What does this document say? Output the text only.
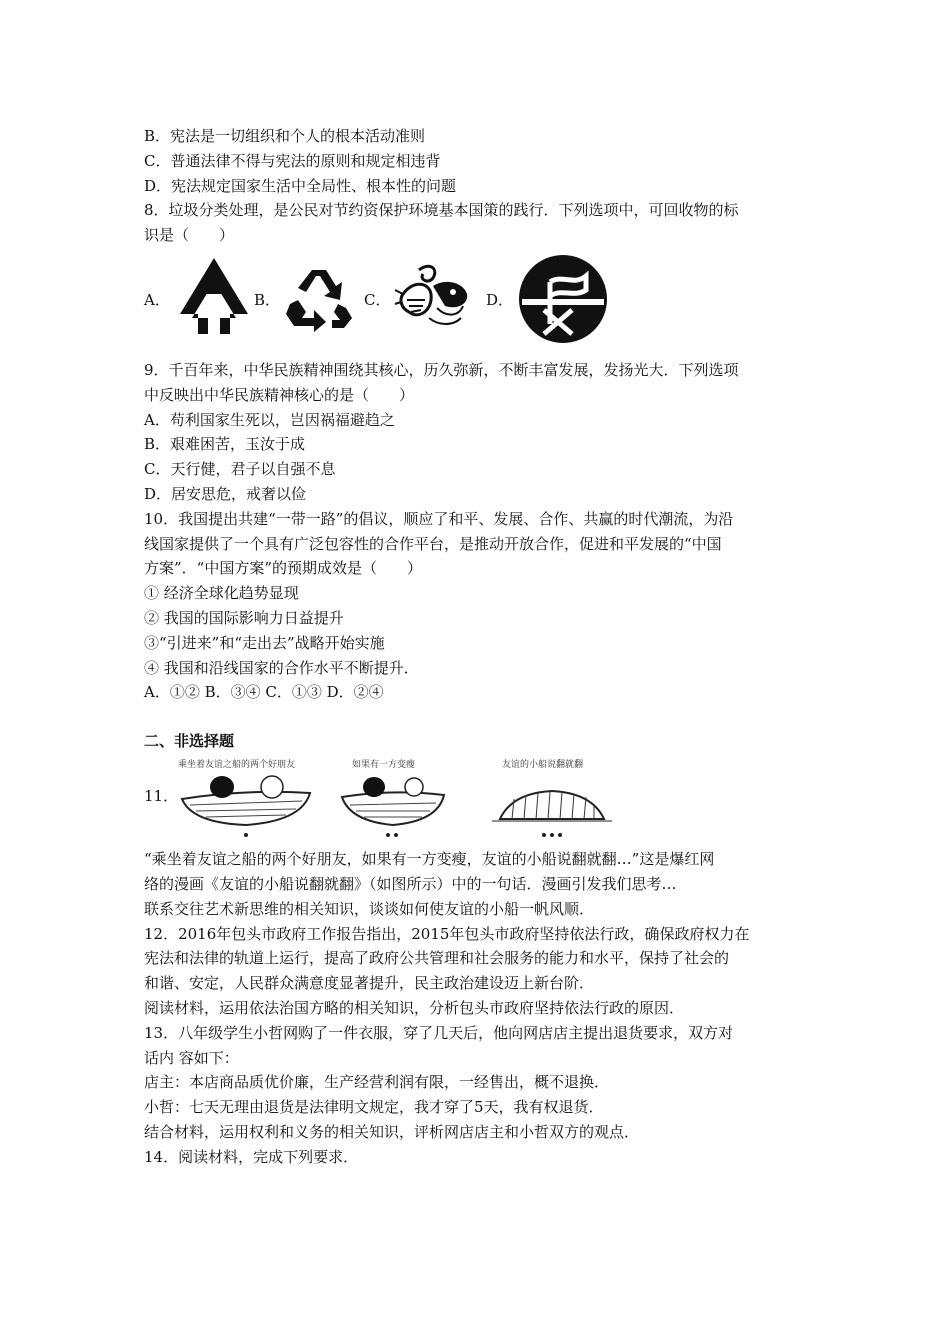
B．宪法是一切组织和个人的根本活动准则
C．普通法律不得与宪法的原则和规定相违背
D．宪法规定国家生活中全局性、根本性的问题
8．垃圾分类处理，是公民对节约资保护环境基本国策的践行．下列选项中，可回收物的标
识是（　　）
A．	B．	C．	D．
9．千百年来，中华民族精神围绕其核心，历久弥新，不断丰富发展，发扬光大．下列选项
中反映出中华民族精神核心的是（　　）
A．苟利国家生死以，岂因祸福避趋之
B．艰难困苦，玉汝于成
C．天行健，君子以自强不息
D．居安思危，戒奢以俭
10．我国提出共建“一带一路”的倡议，顺应了和平、发展、合作、共赢的时代潮流，为沿
线国家提供了一个具有广泛包容性的合作平台，是推动开放合作，促进和平发展的“中国
方案”．“中国方案”的预期成效是（　　）
① 经济全球化趋势显现
② 我国的国际影响力日益提升
③“引进来”和“走出去”战略开始实施
④ 我国和沿线国家的合作水平不断提升．
A．①② B．③④ C．①③ D．②④
二、非选择题
11．
乘坐着友谊之船的两个好朋友	如果有一方变瘦	友谊的小船说翻就翻
“乘坐着友谊之船的两个好朋友，如果有一方变瘦，友谊的小船说翻就翻…”这是爆红网
络的漫画《友谊的小船说翻就翻》（如图所示）中的一句话．漫画引发我们思考…
联系交往艺术新思维的相关知识，谈谈如何使友谊的小船一帆风顺．
12．2016年包头市政府工作报告指出，2015年包头市政府坚持依法行政，确保政府权力在
宪法和法律的轨道上运行，提高了政府公共管理和社会服务的能力和水平，保持了社会的
和谐、安定，人民群众满意度显著提升，民主政治建设迈上新台阶．
阅读材料，运用依法治国方略的相关知识，分析包头市政府坚持依法行政的原因．
13．八年级学生小哲网购了一件衣服，穿了几天后，他向网店店主提出退货要求，双方对
话内 容如下：
店主：本店商品质优价廉，生产经营利润有限，一经售出，概不退换．
小哲：七天无理由退货是法律明文规定，我才穿了5天，我有权退货．
结合材料，运用权利和义务的相关知识，评析网店店主和小哲双方的观点．
14．阅读材料，完成下列要求．
